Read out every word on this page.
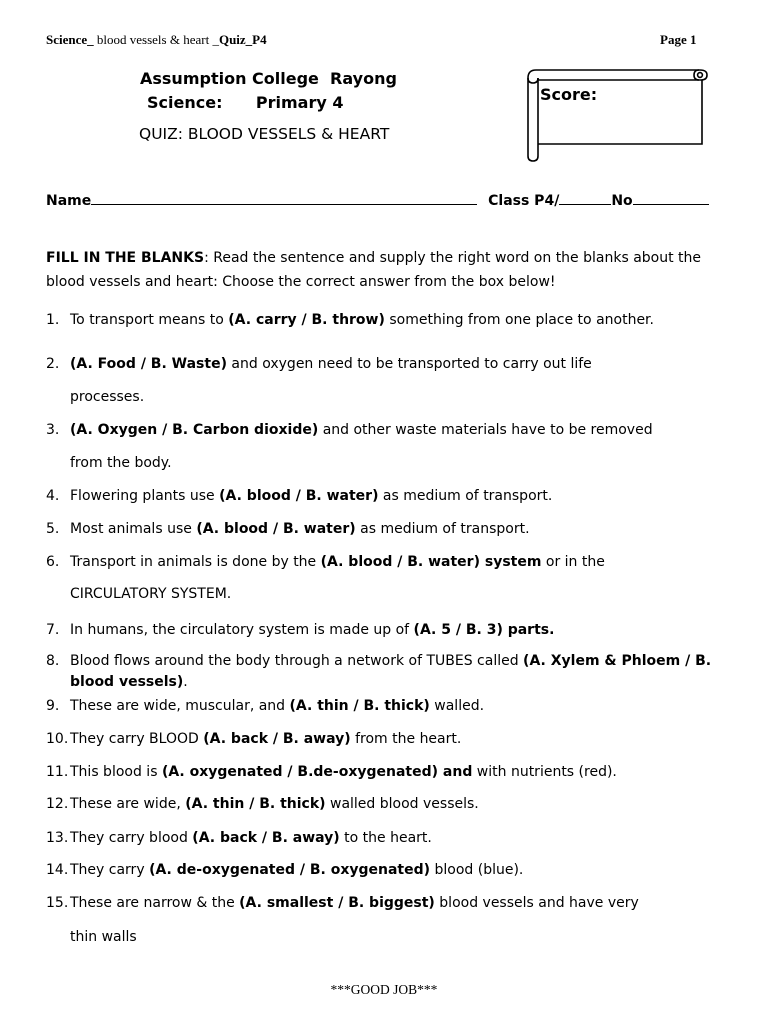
Science_ blood vessels & heart _Quiz_P4	Page 1
Assumption College  Rayong
Science:      Primary 4
QUIZ: BLOOD VESSELS & HEART
Score:
Name	Class P4/	No
FILL IN THE BLANKS: Read the sentence and supply the right word on the blanks about the blood vessels and heart: Choose the correct answer from the box below!
1. To transport means to (A. carry / B. throw) something from one place to another.
2. (A. Food / B. Waste) and oxygen need to be transported to carry out life
processes.
3. (A. Oxygen / B. Carbon dioxide) and other waste materials have to be removed
from the body.
4. Flowering plants use (A. blood / B. water) as medium of transport.
5. Most animals use (A. blood / B. water) as medium of transport.
6. Transport in animals is done by the (A. blood / B. water) system or in the
CIRCULATORY SYSTEM.
7. In humans, the circulatory system is made up of (A. 5 / B. 3) parts.
8. Blood flows around the body through a network of TUBES called (A. Xylem & Phloem / B. blood vessels).
9. These are wide, muscular, and (A. thin / B. thick) walled.
10. They carry BLOOD (A. back / B. away) from the heart.
11. This blood is (A. oxygenated / B.de-oxygenated) and with nutrients (red).
12. These are wide, (A. thin / B. thick) walled blood vessels.
13. They carry blood (A. back / B. away) to the heart.
14. They carry (A. de-oxygenated / B. oxygenated) blood (blue).
15. These are narrow & the (A. smallest / B. biggest) blood vessels and have very
thin walls
***GOOD JOB***
